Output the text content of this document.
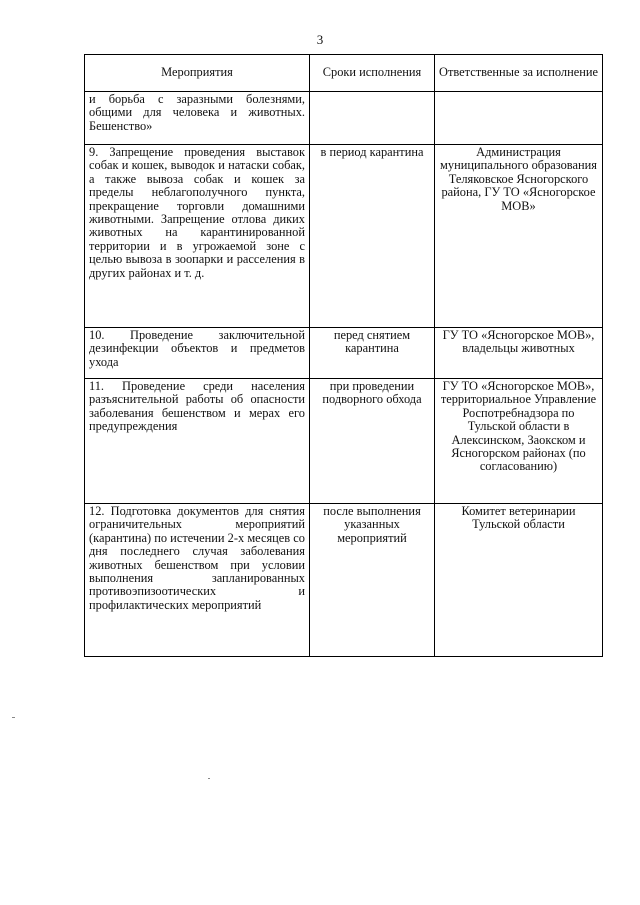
3
Мероприятия	Сроки исполнения	Ответственные за исполнение
и борьба с заразными болезнями, общими для человека и животных. Бешенство»		
9. Запрещение проведения выставок собак и кошек, выводок и натаски собак, а также вывоза собак и кошек за пределы неблагополучного пункта, прекращение торговли домашними животными. Запрещение отлова диких животных на карантинированной территории и в угрожаемой зоне с целью вывоза в зоопарки и расселения в других районах и т. д.	в период карантина	Администрация муниципального образования Теляковское Ясногорского района, ГУ ТО «Ясногорское МОВ»
10. Проведение заключительной дезинфекции объектов и предметов ухода	перед снятием карантина	ГУ ТО «Ясногорское МОВ», владельцы животных
11. Проведение среди населения разъяснительной работы об опасности заболевания бешенством и мерах его предупреждения	при проведении подворного обхода	ГУ ТО «Ясногорское МОВ», территориальное Управление Роспотребнадзора по Тульской области в Алексинском, Заокском и Ясногорском районах (по согласованию)
12. Подготовка документов для снятия ограничительных мероприятий (карантина) по истечении 2-х месяцев со дня последнего случая заболевания животных бешенством при условии выполнения запланированных противоэпизоотических и профилактических мероприятий	после выполнения указанных мероприятий	Комитет ветеринарии Тульской области
